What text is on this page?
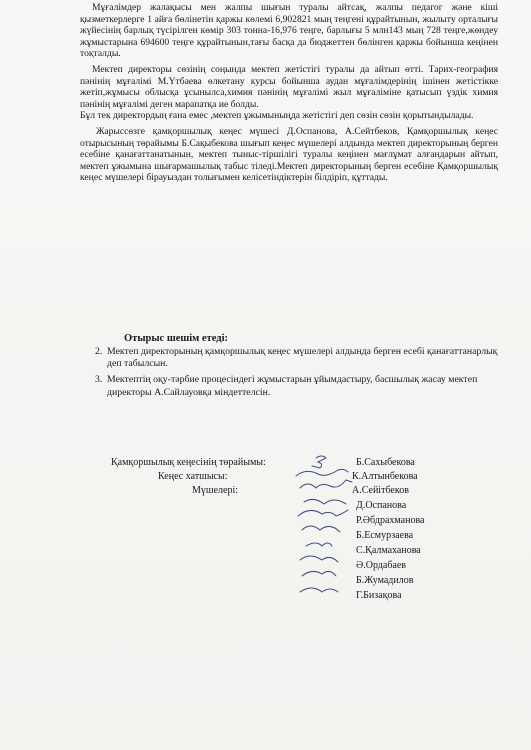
Мұғалімдер жалақысы мен жалпы шығын туралы айтсақ, жалпы педагог және кіші қызметкерлерге 1 айға бөлінетін қаржы көлемі 6,902821 мың теңгені құрайтынын, жылыту орталығы жүйесінің барлық түсірілген көмір 303 тонна-16,976 теңге, барлығы 5 млн143 мың 728 теңге,жөндеу жұмыстарына 694600 теңге құрайтынын,тағы басқа да бюджеттен бөлінген қаржы бойынша кеңінен тоқталды.

Мектеп директоры сөзінің соңында мектеп жетістігі туралы да айтып өтті. Тарих-география пәнінің мұғалімі М.Үтбаева өлкетану курсы бойынша аудан мұғалімдерінің ішінен жетістікке жетіп,жұмысы облысқа ұсынылса,химия пәнінің мұғалімі жыл мұғаліміне қатысып үздік химия пәнінің мұғалімі деген марапатқа ие болды.

Бұл тек директордың ғана емес ,мектеп ұжымыныңда жетістігі деп сөзін сөзін қорытындылады.

Жарыссөзге қамқоршылық кеңес мүшесі Д.Оспанова, А.Сейтбеков, Қамқоршылық кеңес отырысының төрайымы Б.Сақыбекова шығып кеңес мүшелері алдында мектеп директорының берген есебіне қанағаттанатынын, мектеп тыныс-тіршілігі туралы кеңінен мағлұмат алғандарын айтып, мектеп ұжымына шығармашылық табыс тіледі.Мектеп директорының берген есебіне Қамқоршылық кеңес мүшелері бірауыздан толығымен келісетіндіктерін білдіріп, құттады.

Отырыс шешім етеді:
2. Мектеп директорының қамқоршылық кеңес мүшелері алдында берген есебі қанағаттанарлық деп табылсын.
3. Мектептің оқу-тәрбие процесіндегі жұмыстарын ұйымдастыру, басшылық жасау мектеп директоры А.Сайлауовқа міндеттелсін.
Қамқоршылық кеңесінің төрайымы:
Кеңес хатшысы:
Мүшелері:
Б.Сахыбекова
К.Алтынбекова
А.Сейітбеков
Д.Оспанова
Р.Әбдрахманова
Б.Есмурзаева
С.Қалмаханова
Ә.Ордабаев
Б.Жумадилов
Г.Бизақова
